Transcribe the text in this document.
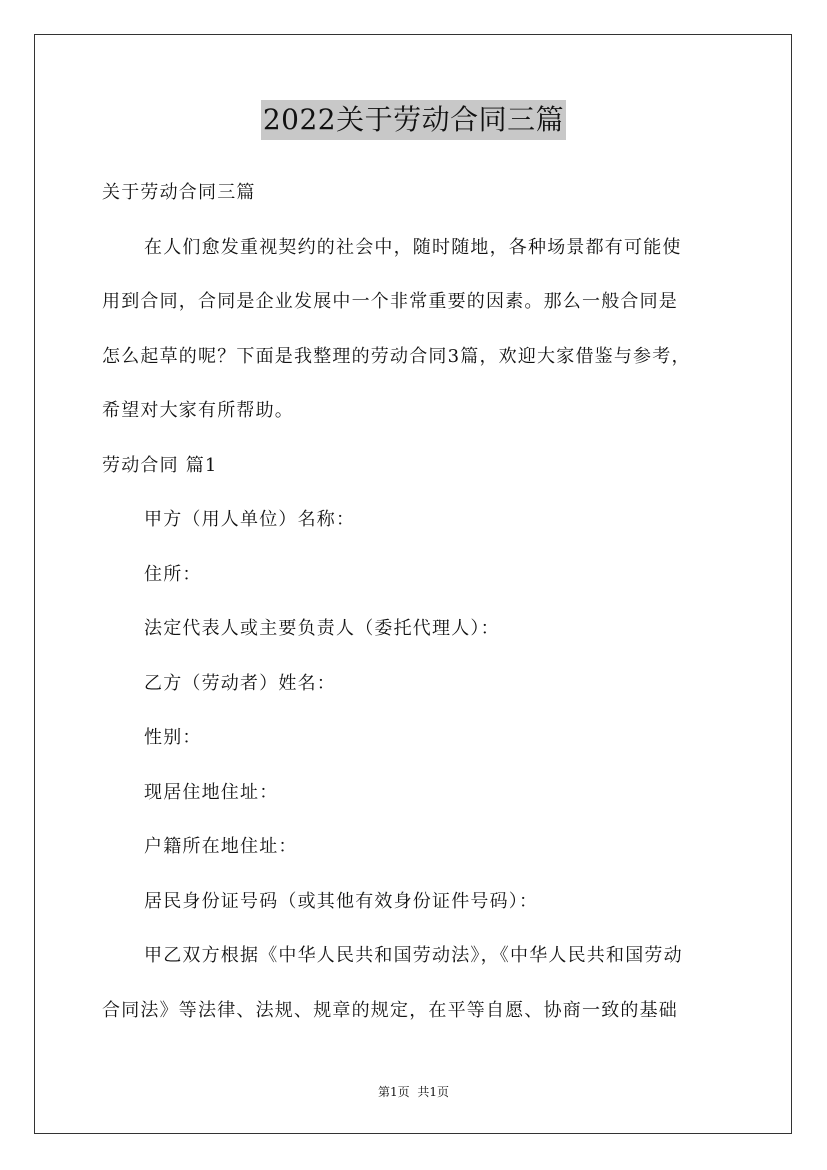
2022关于劳动合同三篇
关于劳动合同三篇
在人们愈发重视契约的社会中，随时随地，各种场景都有可能使
用到合同，合同是企业发展中一个非常重要的因素。那么一般合同是
怎么起草的呢？下面是我整理的劳动合同3篇，欢迎大家借鉴与参考，
希望对大家有所帮助。
劳动合同 篇1
甲方（用人单位）名称：
住所：
法定代表人或主要负责人（委托代理人）：
乙方（劳动者）姓名：
性别：
现居住地住址：
户籍所在地住址：
居民身份证号码（或其他有效身份证件号码）：
甲乙双方根据《中华人民共和国劳动法》，《中华人民共和国劳动
合同法》等法律、法规、规章的规定，在平等自愿、协商一致的基础
第1页 共1页
